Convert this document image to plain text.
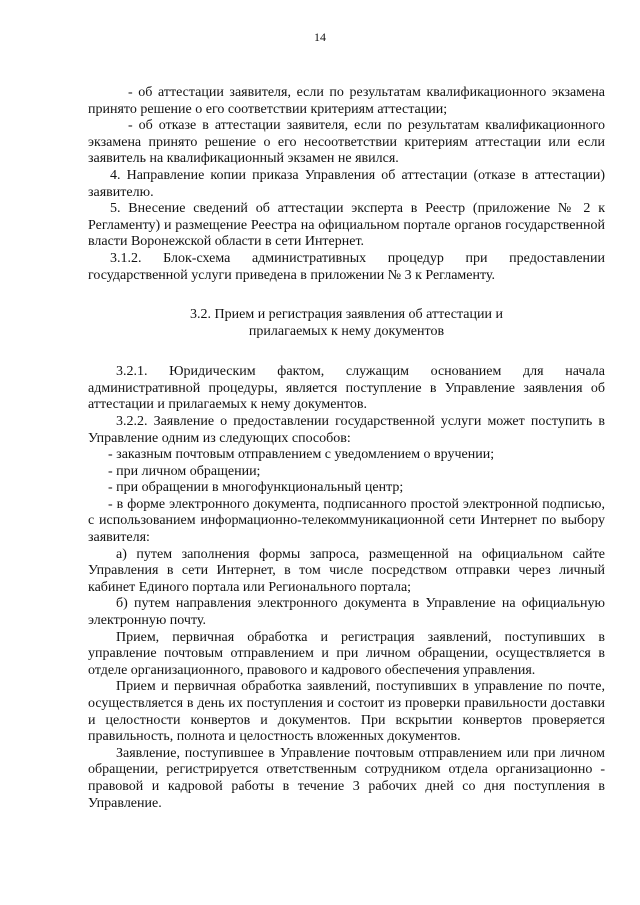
14

- об аттестации заявителя, если по результатам квалификационного экзамена принято решение о его соответствии критериям аттестации;

- об отказе в аттестации заявителя, если по результатам квалификационного экзамена принято решение о его несоответствии критериям аттестации или если заявитель на квалификационный экзамен не явился.

4. Направление копии приказа Управления об аттестации (отказе в аттестации) заявителю.

5. Внесение сведений об аттестации эксперта в Реестр (приложение № 2 к Регламенту) и размещение Реестра на официальном портале органов государственной власти Воронежской области в сети Интернет.

3.1.2. Блок-схема административных процедур при предоставлении государственной услуги приведена в приложении № 3 к Регламенту.

3.2. Прием и регистрация заявления об аттестации и
прилагаемых к нему документов

3.2.1. Юридическим фактом, служащим основанием для начала административной процедуры, является поступление в Управление заявления об аттестации и прилагаемых к нему документов.

3.2.2. Заявление о предоставлении государственной услуги может поступить в Управление одним из следующих способов:

- заказным почтовым отправлением с уведомлением о вручении;

- при личном обращении;

- при обращении в многофункциональный центр;

- в форме электронного документа, подписанного простой электронной подписью, с использованием информационно-телекоммуникационной сети Интернет по выбору заявителя:

а) путем заполнения формы запроса, размещенной на официальном сайте Управления в сети Интернет, в том числе посредством отправки через личный кабинет Единого портала или Регионального портала;

б) путем направления электронного документа в Управление на официальную электронную почту.

Прием, первичная обработка и регистрация заявлений, поступивших в управление почтовым отправлением и при личном обращении, осуществляется в отделе организационного, правового и кадрового обеспечения управления.

Прием и первичная обработка заявлений, поступивших в управление по почте, осуществляется в день их поступления и состоит из проверки правильности доставки и целостности конвертов и документов. При вскрытии конвертов проверяется правильность, полнота и целостность вложенных документов.

Заявление, поступившее в Управление почтовым отправлением или при личном обращении, регистрируется ответственным сотрудником отдела организационно - правовой и кадровой работы в течение 3 рабочих дней со дня поступления в Управление.
